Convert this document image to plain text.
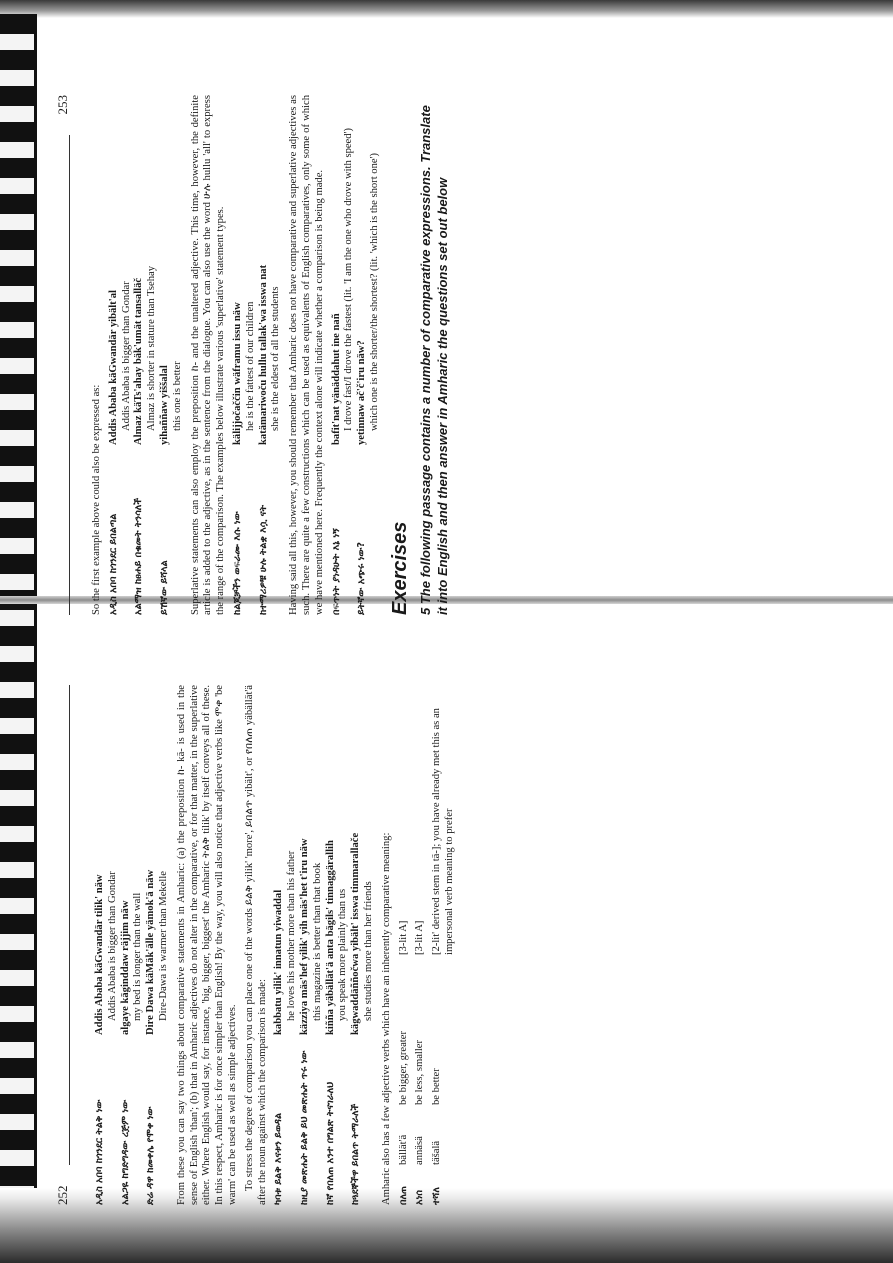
252	አዲስ አበባ ከጎንደር ትልቅ ነው
Addis Ababa käGwandär tilik' näw Addis Ababa is bigger than Gondar
አልጋዬ ከግድግዳው ረጅም ነው
algaye käginddaw räjjim näw my bed is longer than the wall
ድሬ ዳዋ ከመቀሌ የሞቀ ነው
Dire Dawa käMäk'älle yämok'ä näw Dire-Dawa is warmer than Mekelle From these you can say two things about comparative statements in Amharic: (a) the preposition ከ- kä- is used in the sense of English 'than'; (b) that in Amharic adjectives do not alter in the comparative, or for that matter, in the superlative either. Where English would say, for instance, 'big, bigger, biggest' the Amharic ትልቅ tilik' by itself conveys all of these. In this respect, Amharic is for once simpler than English! By the way, you will also notice that adjective verbs like ሞቀ 'be warm' can be used as well as simple adjectives. To stress the degree of comparison you can place one of the words ይልቅ yilik' 'more', ይበልጥ yibält', or የበለጠ yäbällät'ä after the noun against which the comparison is made: ካባቱ ይልቅ እናቱን ይወዳል
kabbatu yilik' innatun yiwaddal he loves his mother more than his father
ከዚያ መጽሔት ይልቅ ይህ መጽሔት ጥሩ ነው
käzziya mäs'hef yilik' yih mäs'het t'iru näw this magazine is better than that book
ከኛ የበለጠ አንተ በግልጽ ትናገራለህ
kiññа yäbällät'ä anta bägils' tinnaggärallih you speak more plainly than us
ከጓደኞችዋ ይበልጥ ትማራለች
kägwaddäññočwa yibält' isswa timmarallače she studies more than her friends Amharic also has a few adjective verbs which have an inherently comparative meaning: በለጠ
bällät'ä
be bigger, greater
[3-lit A]
አነሰ
annäsä
be less, smaller
[3-lit A]
ተሻለ
täšalä
be better
[2-lit' derived stem in tä-]; you have already met this as an impersonal verb meaning to prefer
253

So the first example above could also be expressed as: አዲስ አበባ ከጎንደር ይበልጣል
Addis Ababa käGwandär yibält'al Addis Ababa is bigger than Gondar
አልማዝ ከፀሐይ በቁመት ትንሳለች
Almaz käTs'ahay bäk'umät tansalläč Almaz is shorter in stature than Tsehay
ይኸኛው ይሻላል
yihaññaw yiššalal this one is better Superlative statements can also employ the preposition ከ- and the unaltered adjective. This time, however, the definite article is added to the adjective, as in the sentence from the dialogue. You can also use the word ሁሉ hullu 'all' to express the range of the comparison. The examples below illustrate various 'superlative' statement types. ከልጆቻችን ወፍራሙ እሱ ነው
kälijjočaččin wäframu issu näw he is the fattest of our children
ከተማሪዎቹ ሁሉ ትልቋ እሷ ናት
katämariwoču hullu tallak'wa isswa nat she is the eldest of all the students Having said all this, however, you should remember that Amharic does not have comparative and superlative adjectives as such. There are quite a few constructions which can be used as equivalents of English comparatives, only some of which we have mentioned here. Frequently the context alone will indicate whether a comparison is being made. በፍጥነት ያነዳሁት እኔ ነኝ
bafit'nat yänäddahut ine nañ I drove fast/I drove the fastest (lit. 'I am the one who drove with speed')
ይትኛው አጭሩ ነው?
yetinnaw ač'č'iru näw? which one is the shorter/the shortest? (lit. 'which is the short one')
Exercises 5 The following passage contains a number of comparative expressions. Translate it into English and then answer in Amharic the questions set out below
